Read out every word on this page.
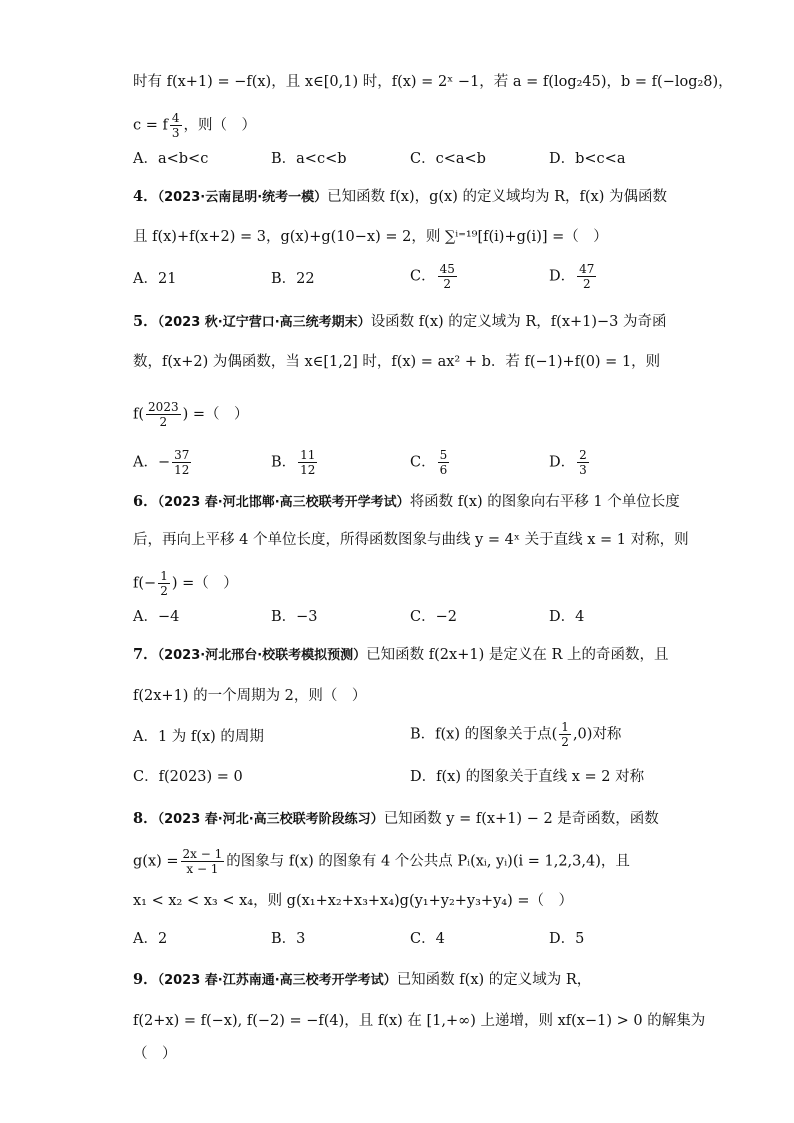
时有 f(x+1) = −f(x)，且 x∈[0,1) 时，f(x) = 2ˣ −1，若 a = f(log₂45)，b = f(−log₂8)，
c = f $\frac{4}{3}$ ，则（　）
A．a<b<c	B．a<c<b	C．c<a<b	D．b<c<a
4．（2023·云南昆明·统考一模）已知函数 f(x)，g(x) 的定义域均为 R，f(x) 为偶函数
且 f(x)+f(x+2) = 3，g(x)+g(10−x) = 2，则 ∑ⁱ⁼¹⁹[f(i)+g(i)] =（　）
A．21	B．22	C． $\frac{45}{2}$	D． $\frac{47}{2}$
5．（2023 秋·辽宁营口·高三统考期末）设函数 f(x) 的定义域为 R，f(x+1)−3 为奇函
数，f(x+2) 为偶函数，当 x∈[1,2] 时，f(x) = ax² + b．若 f(−1)+f(0) = 1，则
$f( \frac{2023}{2}$ ) =（　）
A．− $\frac{37}{12}$	B． $\frac{11}{12}$	C． $\frac{5}{6}$	D． $\frac{2}{3}$
6．（2023 春·河北邯郸·高三校联考开学考试）将函数 f(x) 的图象向右平移 1 个单位长度
后，再向上平移 4 个单位长度，所得函数图象与曲线 y = 4ˣ 关于直线 x = 1 对称，则
$f(- \frac{1}{2}$ ) =（　）
A．−4	B．−3	C．−2	D．4
7．（2023·河北邢台·校联考模拟预测）已知函数 f(2x+1) 是定义在 R 上的奇函数，且
f(2x+1) 的一个周期为 2，则（　）
A．1 为 f(x) 的周期	B．f(x) 的图象关于点( $\frac{1}{2} ,0$)对称
C．f(2023) = 0	D．f(x) 的图象关于直线 x = 2 对称
8．（2023 春·河北·高三校联考阶段练习）已知函数 y = f(x+1) − 2 是奇函数，函数
$g(x) = \frac{2x - 1}{x - 1}$ 的图象与 f(x) 的图象有 4 个公共点 Pᵢ(xᵢ, yᵢ)(i = 1,2,3,4)，且
x₁ < x₂ < x₃ < x₄，则 g(x₁+x₂+x₃+x₄)g(y₁+y₂+y₃+y₄) =（　）
A．2	B．3	C．4	D．5
9．（2023 春·江苏南通·高三校考开学考试）已知函数 f(x) 的定义域为 R，
f(2+x) = f(−x), f(−2) = −f(4)，且 f(x) 在 [1,+∞) 上递增，则 xf(x−1) > 0 的解集为
（　）
